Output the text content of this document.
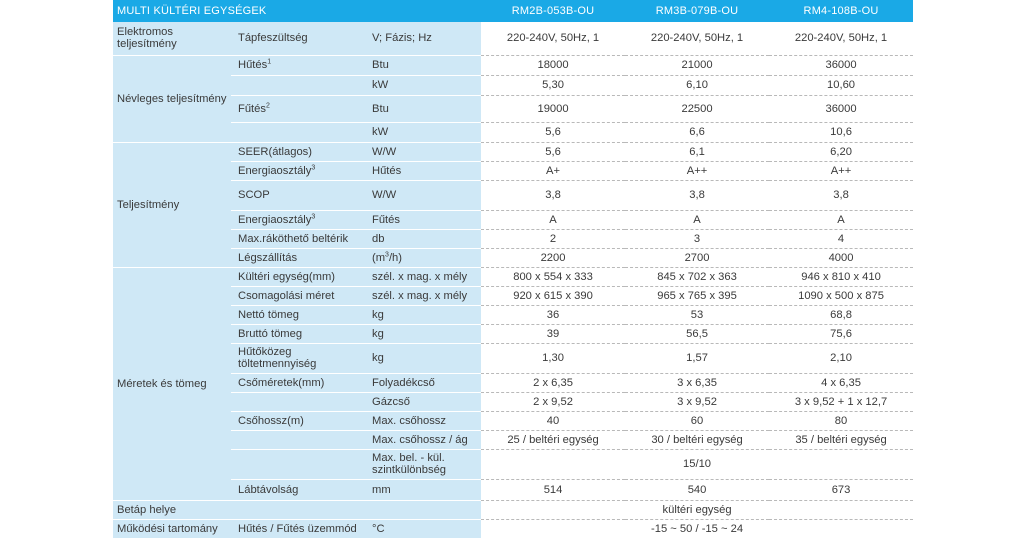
MULTI KÜLTÉRI EGYSÉGEK			RM2B-053B-OU	RM3B-079B-OU	RM4-108B-OU
Elektromos teljesítmény	Tápfeszültség	V; Fázis; Hz	220-240V, 50Hz, 1	220-240V, 50Hz, 1	220-240V, 50Hz, 1
Névleges teljesítmény	Hűtés$^1$	Btu	18000	21000	36000
		kW	5,30	6,10	10,60
	Fűtés$^2$	Btu	19000	22500	36000
		kW	5,6	6,6	10,6
Teljesítmény	SEER(átlagos)	W/W	5,6	6,1	6,20
	Energiaosztály$^3$	Hűtés	A+	A++	A++
	SCOP	W/W	3,8	3,8	3,8
	Energiaosztály$^3$	Fűtés	A	A	A
	Max.ráköthető beltérik	db	2	3	4
	Légszállítás	$(m^3/h)$	2200	2700	4000
Méretek és tömeg	Kültéri egység(mm)	szél. x mag. x mély	800 x 554 x 333	845 x 702 x 363	946 x 810 x 410
	Csomagolási méret	szél. x mag. x mély	920 x 615 x 390	965 x 765 x 395	1090 x 500 x 875
	Nettó tömeg	kg	36	53	68,8
	Bruttó tömeg	kg	39	56,5	75,6
	Hűtőközeg töltetmennyiség	kg	1,30	1,57	2,10
	Csőméretek(mm)	Folyadékcső	2 x 6,35	3 x 6,35	4 x 6,35
		Gázcső	2 x 9,52	3 x 9,52	3 x 9,52 + 1 x 12,7
	Csőhossz(m)	Max. csőhossz	40	60	80
		Max. csőhossz / ág	25 / beltéri egység	30 / beltéri egység	35 / beltéri egység
		Max. bel. - kül. szintkülönbség	15/10		
	Lábtávolság	mm	514	540	673
Betáp helye			kültéri egység		
Működési tartomány	Hűtés / Fűtés üzemmód	°C	-15 ~ 50 / -15 ~ 24		
